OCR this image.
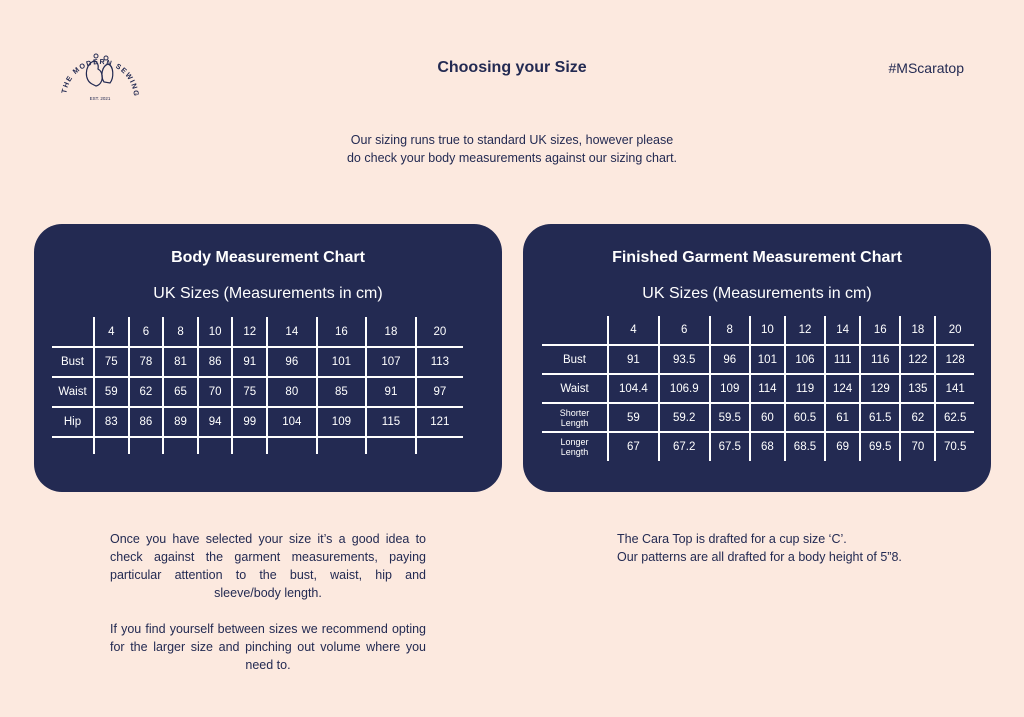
THE MODERN SEWING
EST. 2021
Choosing your Size	#MScaratop
Our sizing runs true to standard UK sizes, however please
do check your body measurements against our sizing chart.
Body Measurement Chart
UK Sizes (Measurements in cm)
	4	6	8	10	12	14	16	18	20
Bust	75	78	81	86	91	96	101	107	113
Waist	59	62	65	70	75	80	85	91	97
Hip	83	86	89	94	99	104	109	115	121

Finished Garment Measurement Chart
UK Sizes (Measurements in cm)
	4	6	8	10	12	14	16	18	20
Bust	91	93.5	96	101	106	111	116	122	128
Waist	104.4	106.9	109	114	119	124	129	135	141

Shorter
Length	59	59.2	59.5	60	60.5	61	61.5	62	62.5

Longer
Length	67	67.2	67.5	68	68.5	69	69.5	70	70.5

Once you have selected your size it’s a good idea to check against the garment measurements, paying particular attention to the bust, waist, hip and sleeve/body length.

If you find yourself between sizes we recommend opting for the larger size and pinching out volume where you need to.

The Cara Top is drafted for a cup size ‘C’.
Our patterns are all drafted for a body height of 5”8.
